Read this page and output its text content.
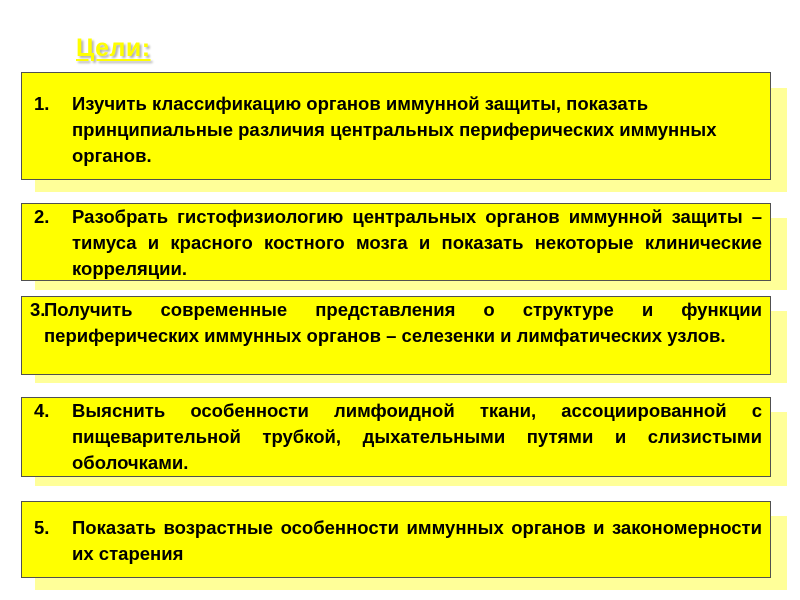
Цели:
1.	Изучить классификацию органов иммунной защиты, показать принципиальные различия центральных периферических иммунных органов.
2.	Разобрать гистофизиологию центральных органов иммунной защиты – тимуса и красного костного мозга и показать некоторые клинические корреляции.
3.
Получить современные представления о структуре и функции периферических иммунных органов – селезенки и лимфатических узлов.
4.	Выяснить особенности лимфоидной ткани, ассоциированной с пищеварительной трубкой, дыхательными путями и слизистыми оболочками.
5.	Показать возрастные особенности иммунных органов и закономерности их старения
